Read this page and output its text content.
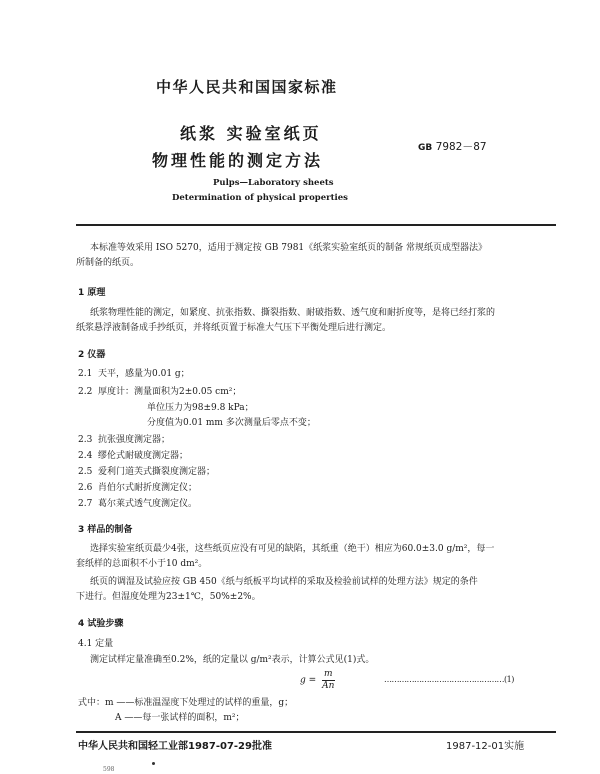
中华人民共和国国家标准
纸浆 实验室纸页
物理性能的测定方法
GB 7982－87
Pulps—Laboratory sheets
Determination of physical properties
本标准等效采用 ISO 5270，适用于测定按 GB 7981《纸浆实验室纸页的制备 常规纸页成型器法》
所制备的纸页。
1 原理
纸浆物理性能的测定，如紧度、抗张指数、撕裂指数、耐破指数、透气度和耐折度等，是将已经打浆的
纸浆悬浮液制备成手抄纸页，并将纸页置于标准大气压下平衡处理后进行测定。
2 仪器
2.1 天平，感量为0.01 g；
2.2 厚度计：测量面积为2±0.05 cm²；
单位压力为98±9.8 kPa；
分度值为0.01 mm 多次测量后零点不变；
2.3 抗张强度测定器；
2.4 缪伦式耐破度测定器；
2.5 爱利门道芙式撕裂度测定器；
2.6 肖伯尔式耐折度测定仪；
2.7 葛尔莱式透气度测定仪。
3 样品的制备
选择实验室纸页最少4张，这些纸页应没有可见的缺陷，其纸重（绝干）相应为60.0±3.0 g/m²，每一
套纸样的总面积不小于10 dm²。
纸页的调湿及试验应按 GB 450《纸与纸板平均试样的采取及检验前试样的处理方法》规定的条件
下进行。但湿度处理为23±1℃，50%±2%。
4 试验步骤
4.1 定量
测定试样定量准确至0.2%，纸的定量以 g/m²表示，计算公式见(1)式。
$g = \frac{m}{An}$	…………………………………………(1)
式中：m ——标准温湿度下处理过的试样的重量，g；
A ——每一张试样的面积，m²；
中华人民共和国轻工业部1987-07-29批准	1987-12-01实施
598
